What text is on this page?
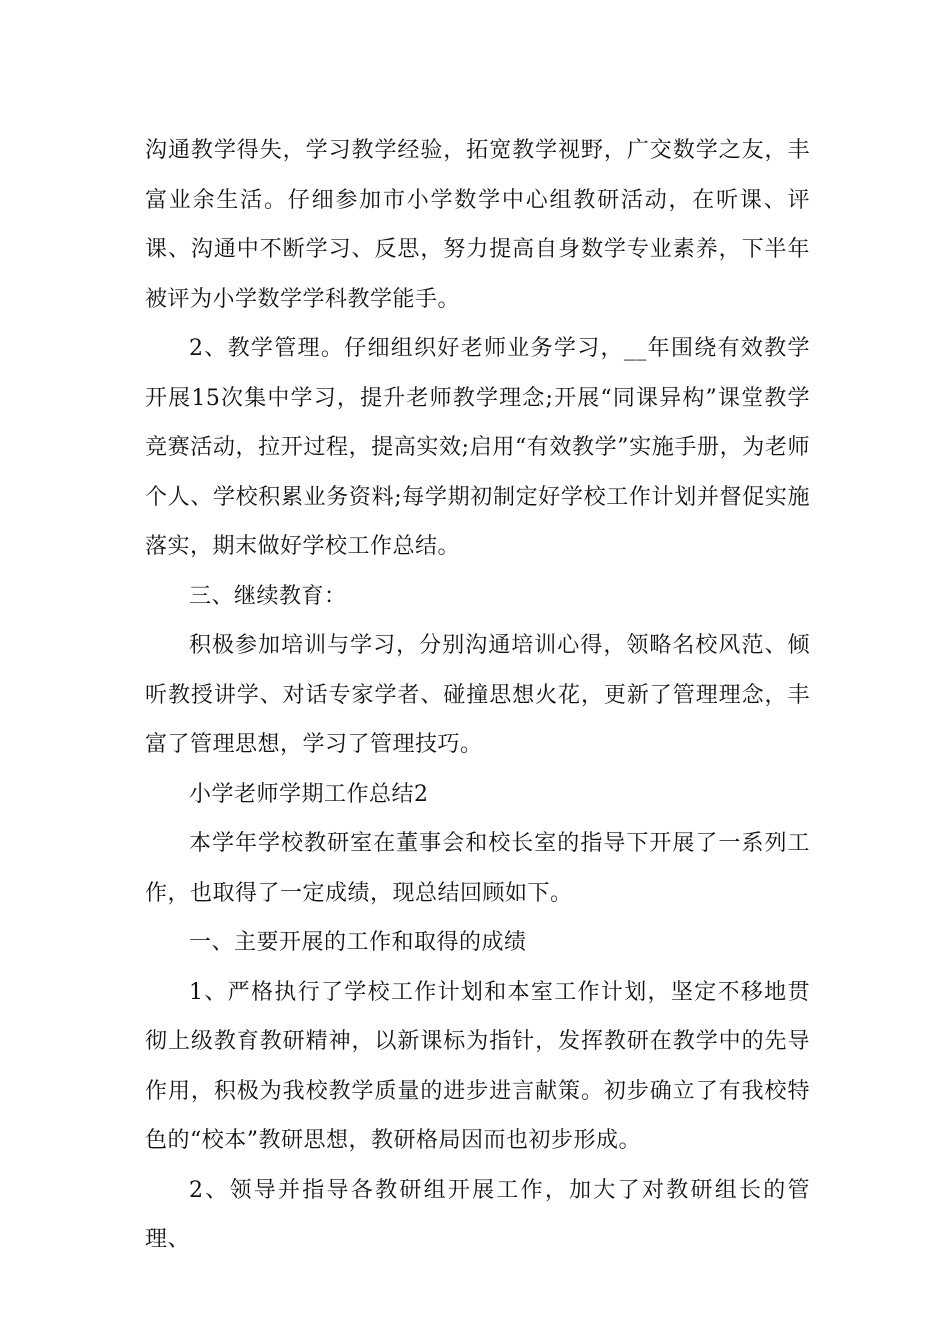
沟通教学得失，学习教学经验，拓宽教学视野，广交数学之友，丰富业余生活。仔细参加市小学数学中心组教研活动，在听课、评课、沟通中不断学习、反思，努力提高自身数学专业素养，下半年被评为小学数学学科教学能手。

2、教学管理。仔细组织好老师业务学习，__年围绕有效教学开展15次集中学习，提升老师教学理念;开展“同课异构”课堂教学竞赛活动，拉开过程，提高实效;启用“有效教学”实施手册，为老师个人、学校积累业务资料;每学期初制定好学校工作计划并督促实施落实，期末做好学校工作总结。

三、继续教育：

积极参加培训与学习，分别沟通培训心得，领略名校风范、倾听教授讲学、对话专家学者、碰撞思想火花，更新了管理理念，丰富了管理思想，学习了管理技巧。

小学老师学期工作总结2

本学年学校教研室在董事会和校长室的指导下开展了一系列工作，也取得了一定成绩，现总结回顾如下。

一、主要开展的工作和取得的成绩

1、严格执行了学校工作计划和本室工作计划，坚定不移地贯彻上级教育教研精神，以新课标为指针，发挥教研在教学中的先导作用，积极为我校教学质量的进步进言献策。初步确立了有我校特色的“校本”教研思想，教研格局因而也初步形成。

2、领导并指导各教研组开展工作，加大了对教研组长的管理、
